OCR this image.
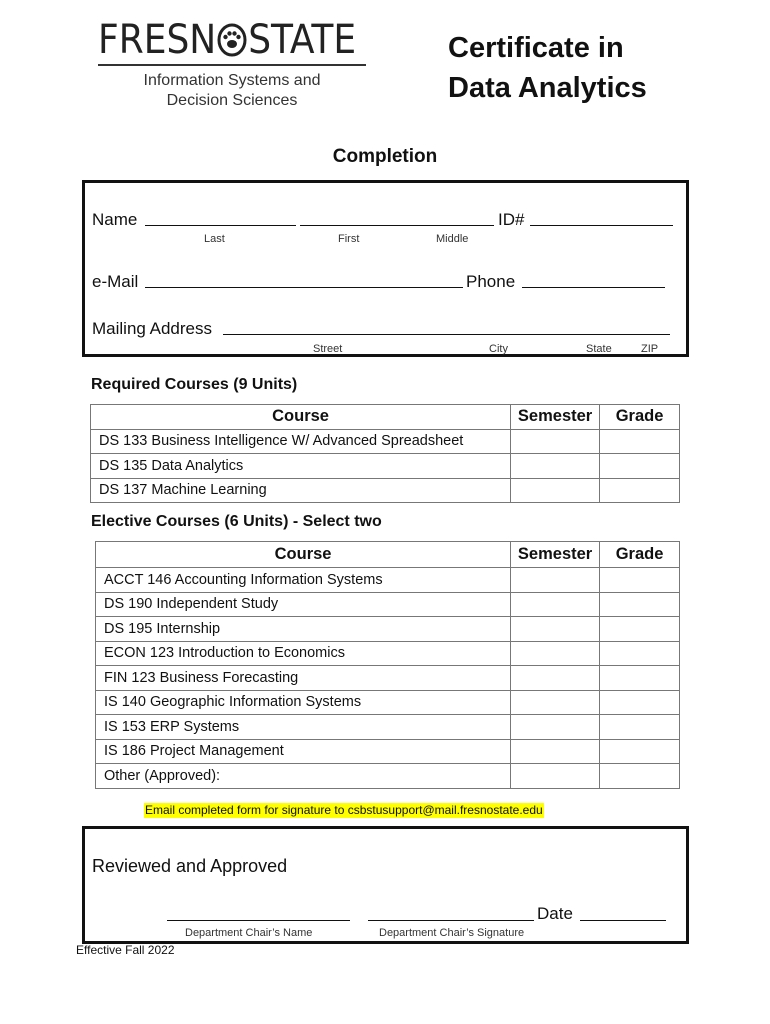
FRESN STATE
Information Systems and
Decision Sciences
Certificate in
Data Analytics
Completion
Name	ID#
Last	First	Middle
e-Mail	Phone
Mailing Address
Street	City	State	ZIP
Required Courses (9 Units)
Course	Semester	Grade
DS 133 Business Intelligence W/ Advanced Spreadsheet		
DS 135 Data Analytics		
DS 137 Machine Learning		
Elective Courses (6 Units) - Select two
Course	Semester	Grade
ACCT 146 Accounting Information Systems		
DS 190 Independent Study		
DS 195 Internship		
ECON 123 Introduction to Economics		
FIN 123 Business Forecasting		
IS 140 Geographic Information Systems		
IS 153 ERP Systems		
IS 186 Project Management		
Other (Approved):		
Email completed form for signature to csbstusupport@mail.fresnostate.edu
Reviewed and Approved
Date
Department Chair’s Name	Department Chair’s Signature
Effective Fall 2022
